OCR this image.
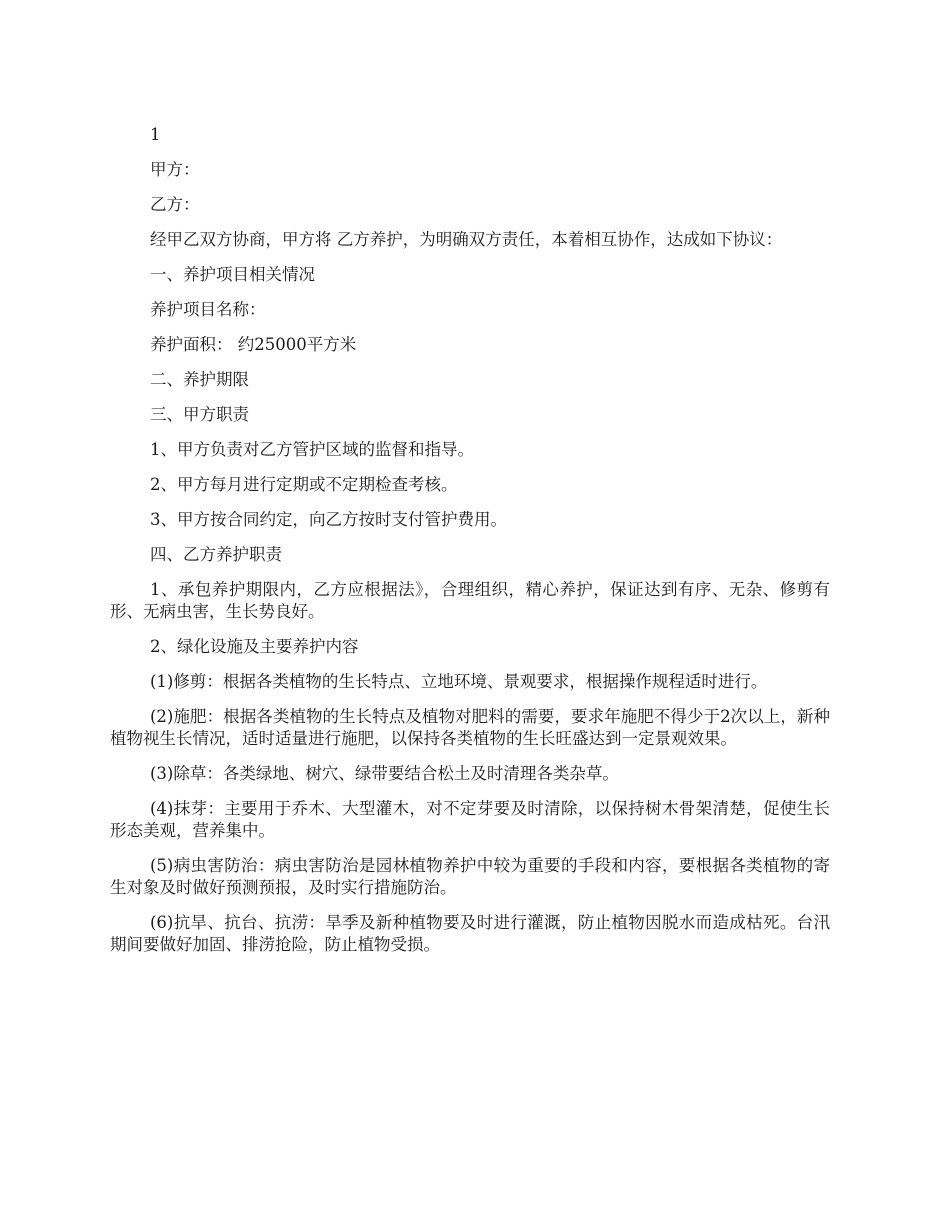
1

甲方：

乙方：

经甲乙双方协商，甲方将 乙方养护，为明确双方责任，本着相互协作，达成如下协议：

一、养护项目相关情况

养护项目名称：

养护面积： 约25000平方米

二、养护期限

三、甲方职责

1、甲方负责对乙方管护区域的监督和指导。

2、甲方每月进行定期或不定期检查考核。

3、甲方按合同约定，向乙方按时支付管护费用。

四、乙方养护职责

1、承包养护期限内，乙方应根据法》，合理组织，精心养护，保证达到有序、无杂、修剪有形、无病虫害，生长势良好。

2、绿化设施及主要养护内容

(1)修剪：根据各类植物的生长特点、立地环境、景观要求，根据操作规程适时进行。

(2)施肥：根据各类植物的生长特点及植物对肥料的需要，要求年施肥不得少于2次以上，新种植物视生长情况，适时适量进行施肥，以保持各类植物的生长旺盛达到一定景观效果。

(3)除草：各类绿地、树穴、绿带要结合松土及时清理各类杂草。

(4)抹芽：主要用于乔木、大型灌木，对不定芽要及时清除，以保持树木骨架清楚，促使生长形态美观，营养集中。

(5)病虫害防治：病虫害防治是园林植物养护中较为重要的手段和内容，要根据各类植物的寄生对象及时做好预测预报，及时实行措施防治。

(6)抗旱、抗台、抗涝：旱季及新种植物要及时进行灌溉，防止植物因脱水而造成枯死。台汛期间要做好加固、排涝抢险，防止植物受损。
